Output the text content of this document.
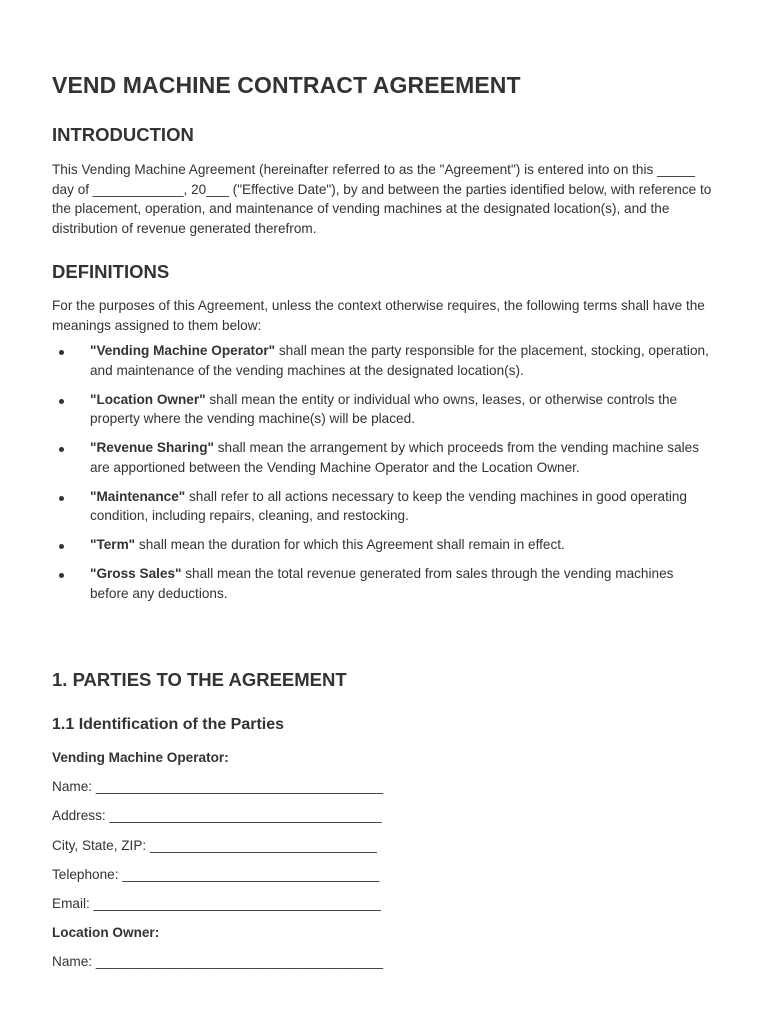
VEND MACHINE CONTRACT AGREEMENT
INTRODUCTION

This Vending Machine Agreement (hereinafter referred to as the "Agreement") is entered into on this _____ day of ____________, 20___ ("Effective Date"), by and between the parties identified below, with reference to the placement, operation, and maintenance of vending machines at the designated location(s), and the distribution of revenue generated therefrom.

DEFINITIONS

For the purposes of this Agreement, unless the context otherwise requires, the following terms shall have the meanings assigned to them below:

"Vending Machine Operator" shall mean the party responsible for the placement, stocking, operation, and maintenance of the vending machines at the designated location(s).
"Location Owner" shall mean the entity or individual who owns, leases, or otherwise controls the property where the vending machine(s) will be placed.
"Revenue Sharing" shall mean the arrangement by which proceeds from the vending machine sales are apportioned between the Vending Machine Operator and the Location Owner.
"Maintenance" shall refer to all actions necessary to keep the vending machines in good operating condition, including repairs, cleaning, and restocking.
"Term" shall mean the duration for which this Agreement shall remain in effect.
"Gross Sales" shall mean the total revenue generated from sales through the vending machines before any deductions.
1. PARTIES TO THE AGREEMENT
1.1 Identification of the Parties
Vending Machine Operator:
Name: ______________________________________
Address: ____________________________________
City, State, ZIP: ______________________________
Telephone: __________________________________
Email: ______________________________________
Location Owner:
Name: ______________________________________
